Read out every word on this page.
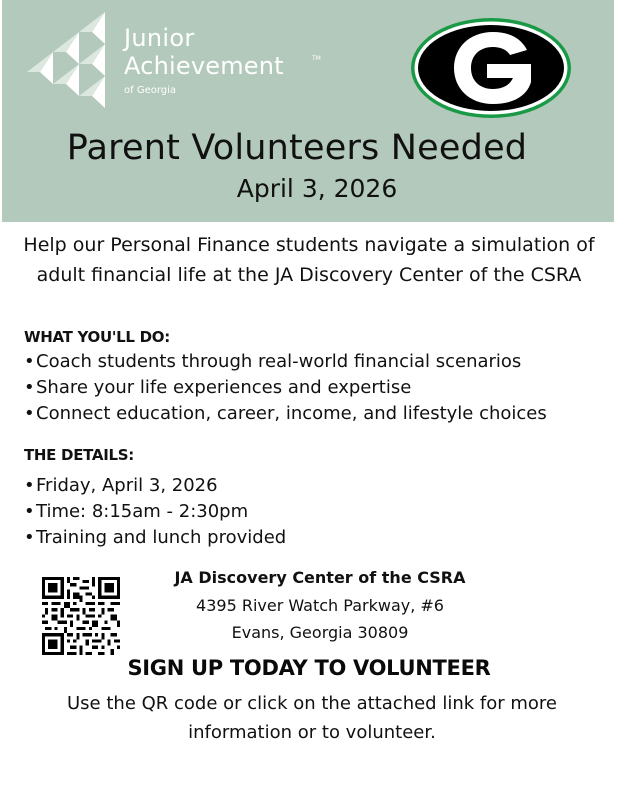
Junior
Achievement	TM
of Georgia
Parent Volunteers Needed
April 3, 2026
Help our Personal Finance students navigate a simulation of adult financial life at the JA Discovery Center of the CSRA
WHAT YOU'LL DO:
• Coach students through real-world financial scenarios
• Share your life experiences and expertise
• Connect education, career, income, and lifestyle choices
THE DETAILS:
• Friday, April 3, 2026
• Time: 8:15am - 2:30pm
• Training and lunch provided
JA Discovery Center of the CSRA
4395 River Watch Parkway, #6
Evans, Georgia 30809
SIGN UP TODAY TO VOLUNTEER
Use the QR code or click on the attached link for more information or to volunteer.
